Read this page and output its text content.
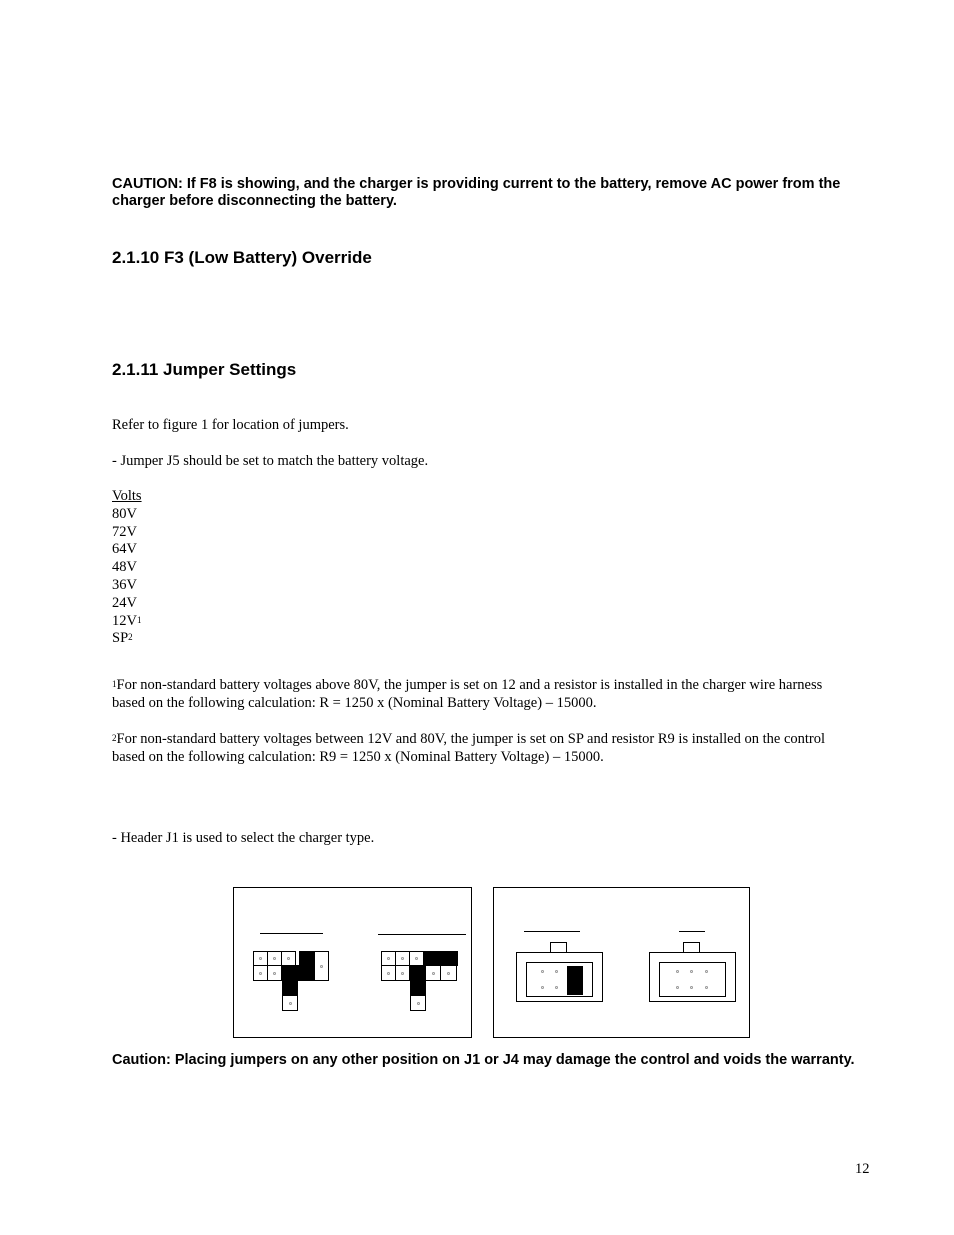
CAUTION: If F8 is showing, and the charger is providing current to the battery, remove AC power from the charger before disconnecting the battery.
2.1.10 F3 (Low Battery) Override
2.1.11 Jumper Settings
Refer to figure 1 for location of jumpers.
- Jumper J5 should be set to match the battery voltage.
Volts
80V
72V
64V
48V
36V
24V
$12V^1$
$SP^2$
$^1$For non-standard battery voltages above 80V, the jumper is set on 12 and a resistor is installed in the charger wire harness based on the following calculation: R = 1250 x (Nominal Battery Voltage) – 15000.
$^2$For non-standard battery voltages between 12V and 80V, the jumper is set on SP and resistor R9 is installed on the control based on the following calculation: R9 = 1250 x (Nominal Battery Voltage) – 15000.
- Header J1 is used to select the charger type.
Caution: Placing jumpers on any other position on J1 or J4 may damage the control and voids the warranty.
12
